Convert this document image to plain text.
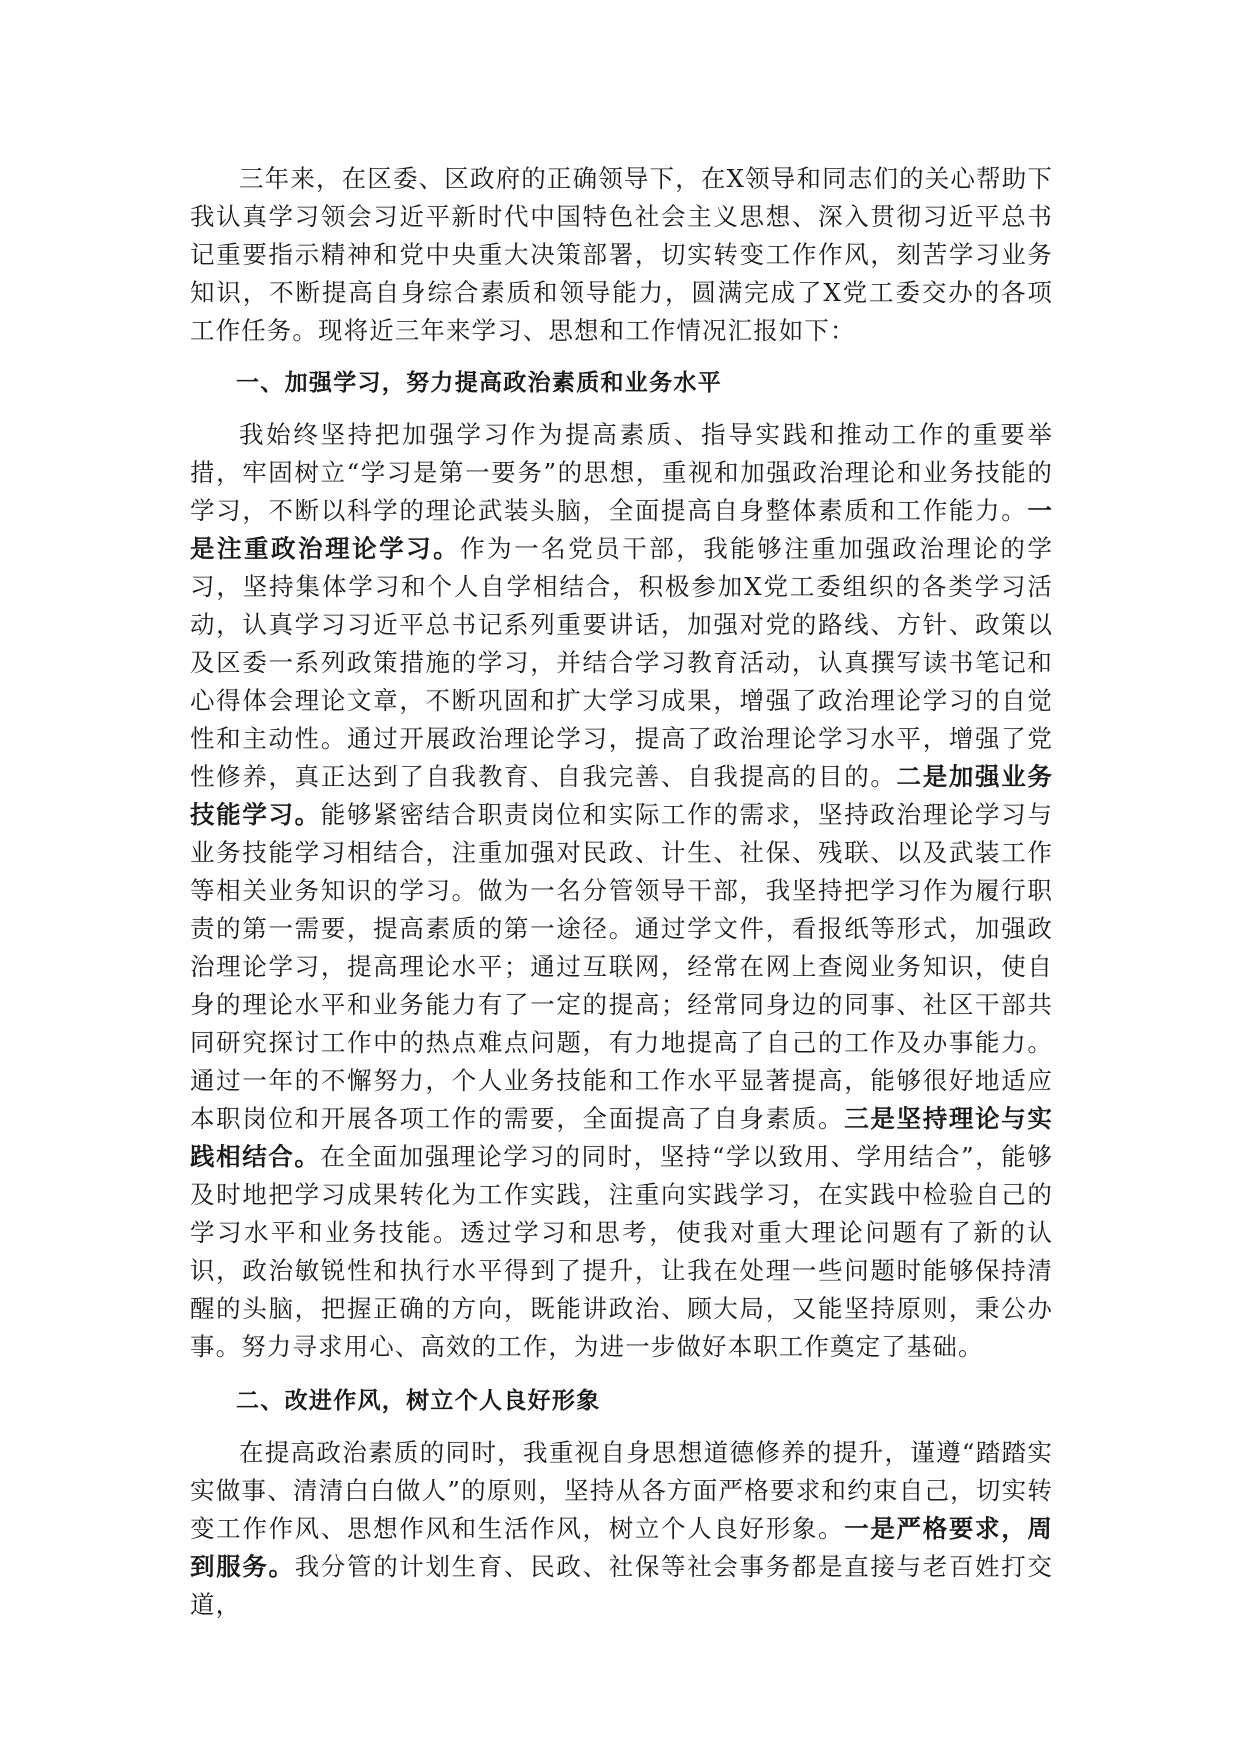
三年来，在区委、区政府的正确领导下，在X领导和同志们的关心帮助下我认真学习领会习近平新时代中国特色社会主义思想、深入贯彻习近平总书记重要指示精神和党中央重大决策部署，切实转变工作作风，刻苦学习业务知识，不断提高自身综合素质和领导能力，圆满完成了X党工委交办的各项工作任务。现将近三年来学习、思想和工作情况汇报如下：

一、加强学习，努力提高政治素质和业务水平

我始终坚持把加强学习作为提高素质、指导实践和推动工作的重要举措，牢固树立“学习是第一要务”的思想，重视和加强政治理论和业务技能的学习，不断以科学的理论武装头脑，全面提高自身整体素质和工作能力。一是注重政治理论学习。作为一名党员干部，我能够注重加强政治理论的学习，坚持集体学习和个人自学相结合，积极参加X党工委组织的各类学习活动，认真学习习近平总书记系列重要讲话，加强对党的路线、方针、政策以及区委一系列政策措施的学习，并结合学习教育活动，认真撰写读书笔记和心得体会理论文章，不断巩固和扩大学习成果，增强了政治理论学习的自觉性和主动性。通过开展政治理论学习，提高了政治理论学习水平，增强了党性修养，真正达到了自我教育、自我完善、自我提高的目的。二是加强业务技能学习。能够紧密结合职责岗位和实际工作的需求，坚持政治理论学习与业务技能学习相结合，注重加强对民政、计生、社保、残联、以及武装工作等相关业务知识的学习。做为一名分管领导干部，我坚持把学习作为履行职责的第一需要，提高素质的第一途径。通过学文件，看报纸等形式，加强政治理论学习，提高理论水平；通过互联网，经常在网上查阅业务知识，使自身的理论水平和业务能力有了一定的提高；经常同身边的同事、社区干部共同研究探讨工作中的热点难点问题，有力地提高了自己的工作及办事能力。通过一年的不懈努力，个人业务技能和工作水平显著提高，能够很好地适应本职岗位和开展各项工作的需要，全面提高了自身素质。三是坚持理论与实践相结合。在全面加强理论学习的同时，坚持“学以致用、学用结合”，能够及时地把学习成果转化为工作实践，注重向实践学习，在实践中检验自己的学习水平和业务技能。透过学习和思考，使我对重大理论问题有了新的认识，政治敏锐性和执行水平得到了提升，让我在处理一些问题时能够保持清醒的头脑，把握正确的方向，既能讲政治、顾大局，又能坚持原则，秉公办事。努力寻求用心、高效的工作，为进一步做好本职工作奠定了基础。

二、改进作风，树立个人良好形象

在提高政治素质的同时，我重视自身思想道德修养的提升，谨遵“踏踏实实做事、清清白白做人”的原则，坚持从各方面严格要求和约束自己，切实转变工作作风、思想作风和生活作风，树立个人良好形象。一是严格要求，周到服务。我分管的计划生育、民政、社保等社会事务都是直接与老百姓打交道，
